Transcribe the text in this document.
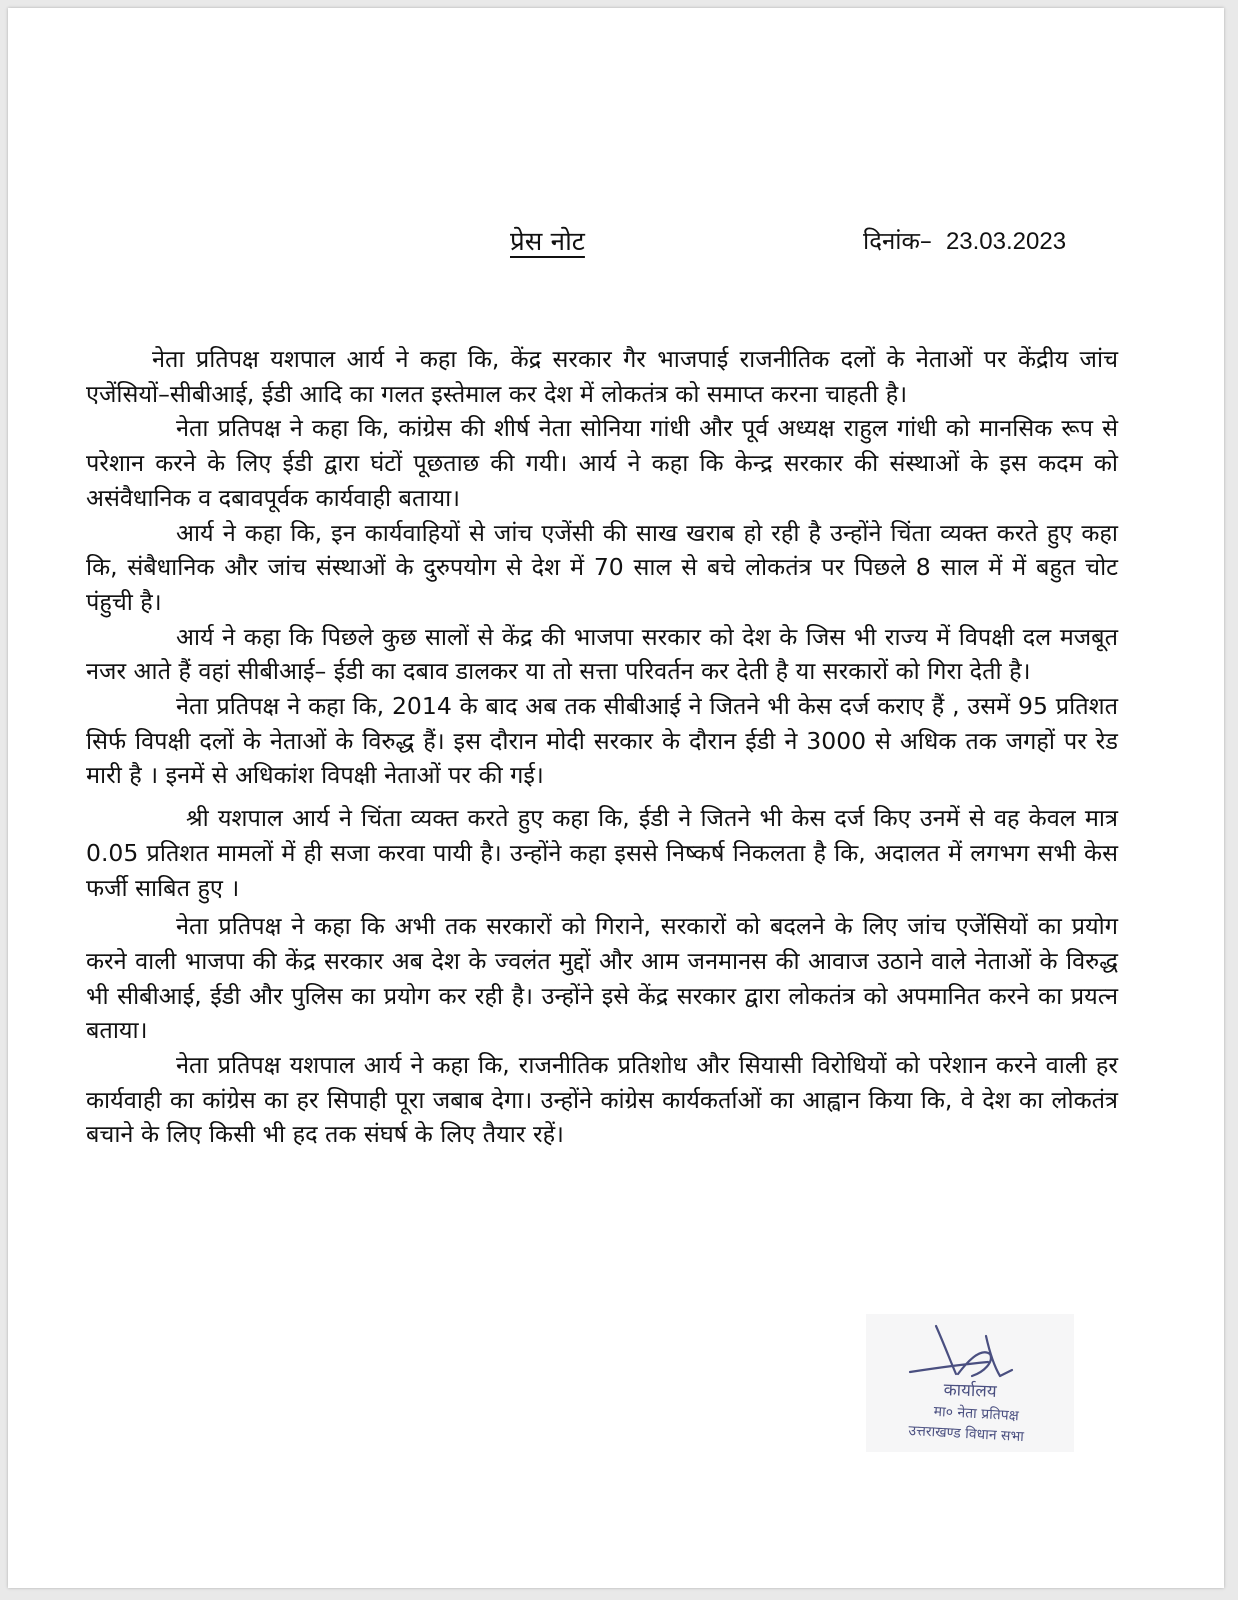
प्रेस नोट	दिनांक– 23.03.2023

नेता प्रतिपक्ष यशपाल आर्य ने कहा कि, केंद्र सरकार गैर भाजपाई राजनीतिक दलों के नेताओं पर केंद्रीय जांच एजेंसियों–सीबीआई, ईडी आदि का गलत इस्तेमाल कर देश में लोकतंत्र को समाप्त करना चाहती है।

नेता प्रतिपक्ष ने कहा कि, कांग्रेस की शीर्ष नेता सोनिया गांधी और पूर्व अध्यक्ष राहुल गांधी को मानसिक रूप से परेशान करने के लिए ईडी द्वारा घंटों पूछताछ की गयी। आर्य ने कहा कि केन्द्र सरकार की संस्थाओं के इस कदम को असंवैधानिक व दबावपूर्वक कार्यवाही बताया।

आर्य ने कहा कि, इन कार्यवाहियों से जांच एजेंसी की साख खराब हो रही है उन्होंने चिंता व्यक्त करते हुए कहा कि, संबैधानिक और जांच संस्थाओं के दुरुपयोग से देश में 70 साल से बचे लोकतंत्र पर पिछले 8 साल में में बहुत चोट पंहुची है।

आर्य ने कहा कि पिछले कुछ सालों से केंद्र की भाजपा सरकार को देश के जिस भी राज्य में विपक्षी दल मजबूत नजर आते हैं वहां सीबीआई– ईडी का दबाव डालकर या तो सत्ता परिवर्तन कर देती है या सरकारों को गिरा देती है।

नेता प्रतिपक्ष ने कहा कि, 2014 के बाद अब तक सीबीआई ने जितने भी केस दर्ज कराए हैं , उसमें 95 प्रतिशत सिर्फ विपक्षी दलों के नेताओं के विरुद्ध हैं। इस दौरान मोदी सरकार के दौरान ईडी ने 3000 से अधिक तक जगहों पर रेड मारी है । इनमें से अधिकांश विपक्षी नेताओं पर की गई।

श्री यशपाल आर्य ने चिंता व्यक्त करते हुए कहा कि, ईडी ने जितने भी केस दर्ज किए उनमें से वह केवल मात्र 0.05 प्रतिशत मामलों में ही सजा करवा पायी है। उन्होंने कहा इससे निष्कर्ष निकलता है कि, अदालत में लगभग सभी केस फर्जी साबित हुए ।

नेता प्रतिपक्ष ने कहा कि अभी तक सरकारों को गिराने, सरकारों को बदलने के लिए जांच एजेंसियों का प्रयोग करने वाली भाजपा की केंद्र सरकार अब देश के ज्वलंत मुद्दों और आम जनमानस की आवाज उठाने वाले नेताओं के विरुद्ध भी सीबीआई, ईडी और पुलिस का प्रयोग कर रही है। उन्होंने इसे केंद्र सरकार द्वारा लोकतंत्र को अपमानित करने का प्रयत्न बताया।

नेता प्रतिपक्ष यशपाल आर्य ने कहा कि, राजनीतिक प्रतिशोध और सियासी विरोधियों को परेशान करने वाली हर कार्यवाही का कांग्रेस का हर सिपाही पूरा जबाब देगा। उन्होंने कांग्रेस कार्यकर्ताओं का आह्वान किया कि, वे देश का लोकतंत्र बचाने के लिए किसी भी हद तक संघर्ष के लिए तैयार रहें।

कार्यालय
मा० नेता प्रतिपक्ष
उत्तराखण्ड विधान सभा
